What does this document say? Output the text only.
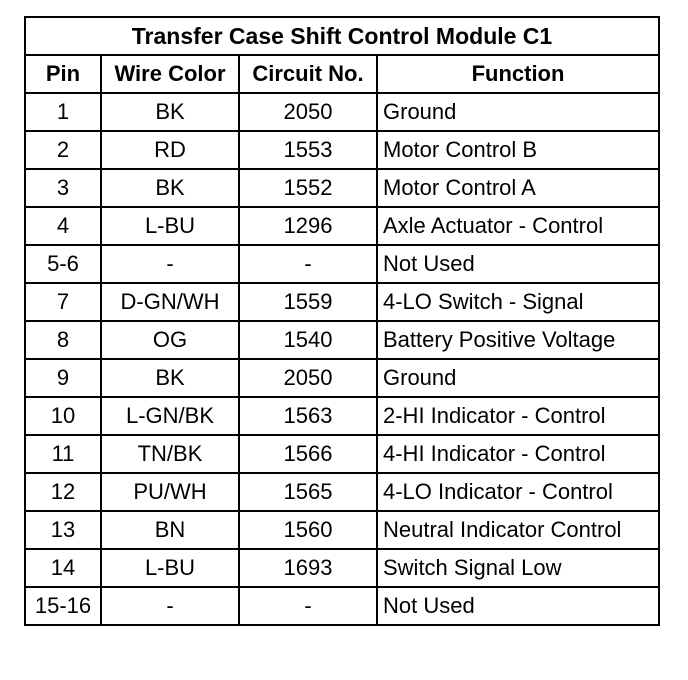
Transfer Case Shift Control Module C1			
Pin	Wire Color	Circuit No.	Function
1	BK	2050	Ground
2	RD	1553	Motor Control B
3	BK	1552	Motor Control A
4	L-BU	1296	Axle Actuator - Control
5-6	-	-	Not Used
7	D-GN/WH	1559	4-LO Switch - Signal
8	OG	1540	Battery Positive Voltage
9	BK	2050	Ground
10	L-GN/BK	1563	2-HI Indicator - Control
11	TN/BK	1566	4-HI Indicator - Control
12	PU/WH	1565	4-LO Indicator - Control
13	BN	1560	Neutral Indicator Control
14	L-BU	1693	Switch Signal Low
15-16	-	-	Not Used
